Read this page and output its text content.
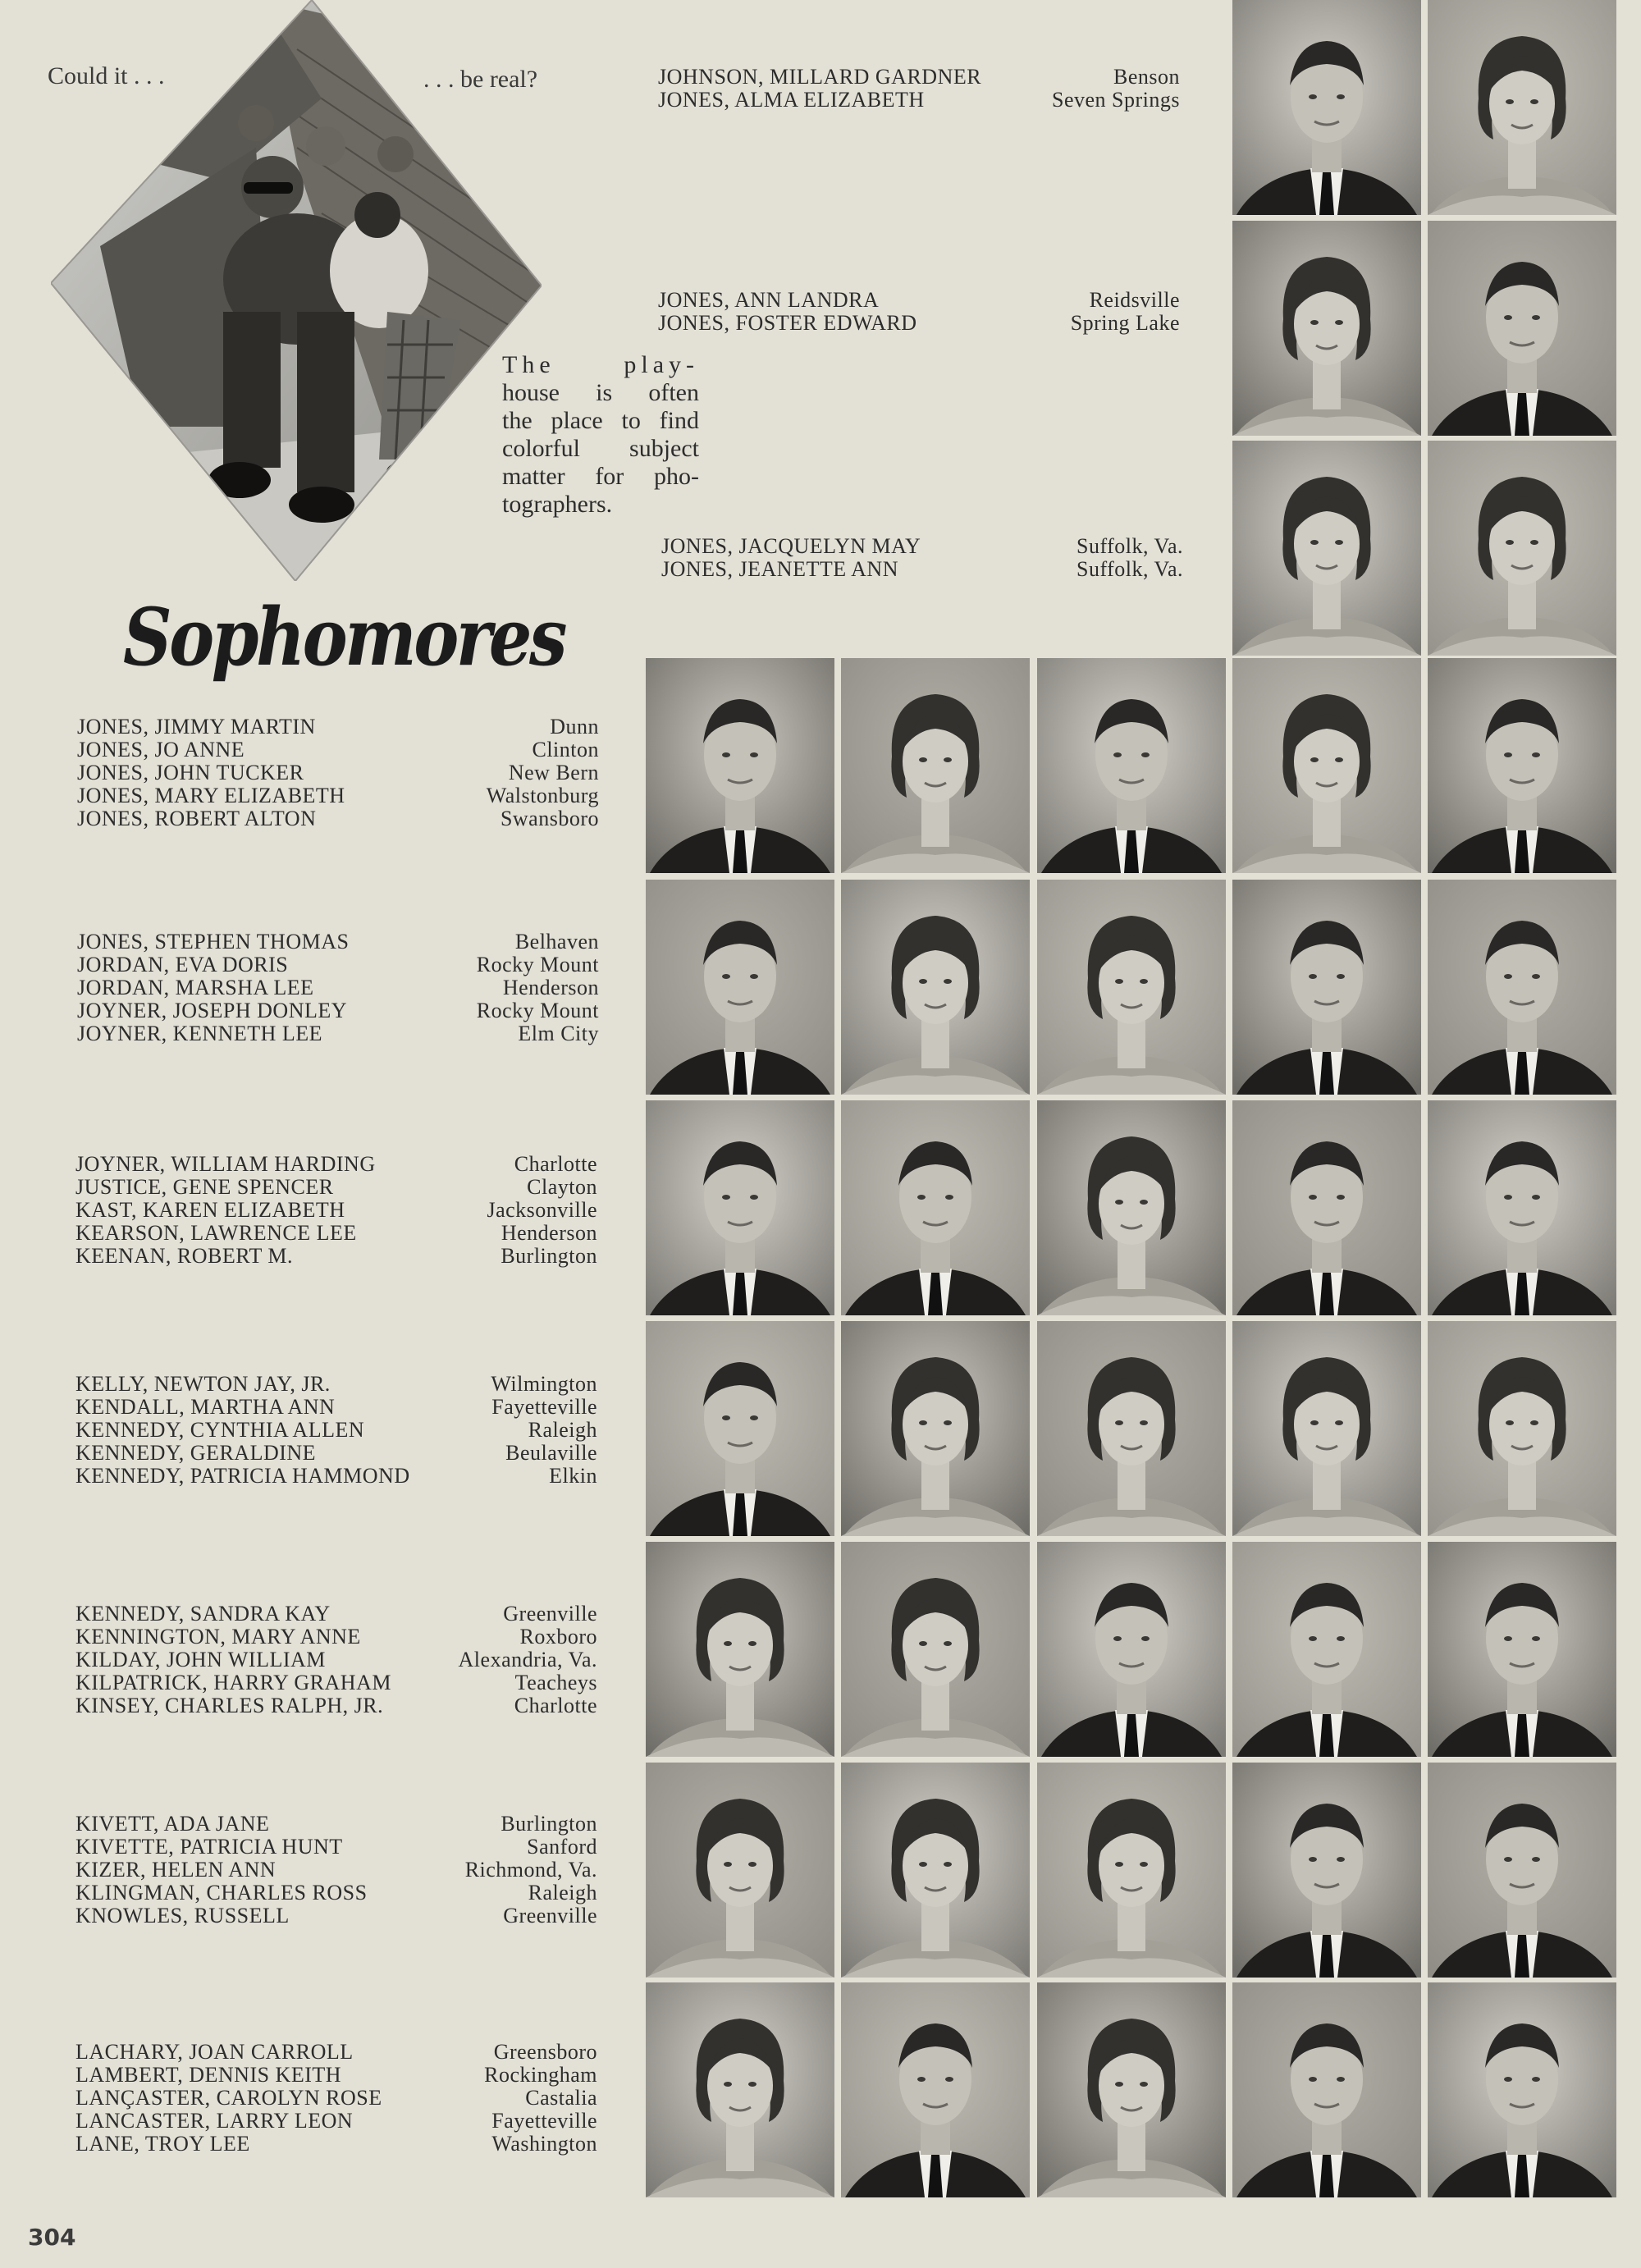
Could it . . .	. . . be real?
The play-
house is often
the place to find
colorful subject
matter for pho-
tographers.
Sophomores
JOHNSON, MILLARD GARDNER	Benson
JONES, ALMA ELIZABETH	Seven Springs
JONES, ANN LANDRA	Reidsville
JONES, FOSTER EDWARD	Spring Lake
JONES, JACQUELYN MAY	Suffolk, Va.
JONES, JEANETTE ANN	Suffolk, Va.
JONES, JIMMY MARTIN	Dunn
JONES, JO ANNE	Clinton
JONES, JOHN TUCKER	New Bern
JONES, MARY ELIZABETH	Walstonburg
JONES, ROBERT ALTON	Swansboro
JONES, STEPHEN THOMAS	Belhaven
JORDAN, EVA DORIS	Rocky Mount
JORDAN, MARSHA LEE	Henderson
JOYNER, JOSEPH DONLEY	Rocky Mount
JOYNER, KENNETH LEE	Elm City
JOYNER, WILLIAM HARDING	Charlotte
JUSTICE, GENE SPENCER	Clayton
KAST, KAREN ELIZABETH	Jacksonville
KEARSON, LAWRENCE LEE	Henderson
KEENAN, ROBERT M.	Burlington
KELLY, NEWTON JAY, JR.	Wilmington
KENDALL, MARTHA ANN	Fayetteville
KENNEDY, CYNTHIA ALLEN	Raleigh
KENNEDY, GERALDINE	Beulaville
KENNEDY, PATRICIA HAMMOND	Elkin
KENNEDY, SANDRA KAY	Greenville
KENNINGTON, MARY ANNE	Roxboro
KILDAY, JOHN WILLIAM	Alexandria, Va.
KILPATRICK, HARRY GRAHAM	Teacheys
KINSEY, CHARLES RALPH, JR.	Charlotte
KIVETT, ADA JANE	Burlington
KIVETTE, PATRICIA HUNT	Sanford
KIZER, HELEN ANN	Richmond, Va.
KLINGMAN, CHARLES ROSS	Raleigh
KNOWLES, RUSSELL	Greenville
LACHARY, JOAN CARROLL	Greensboro
LAMBERT, DENNIS KEITH	Rockingham
LANÇASTER, CAROLYN ROSE	Castalia
LANCASTER, LARRY LEON	Fayetteville
LANE, TROY LEE	Washington
304
